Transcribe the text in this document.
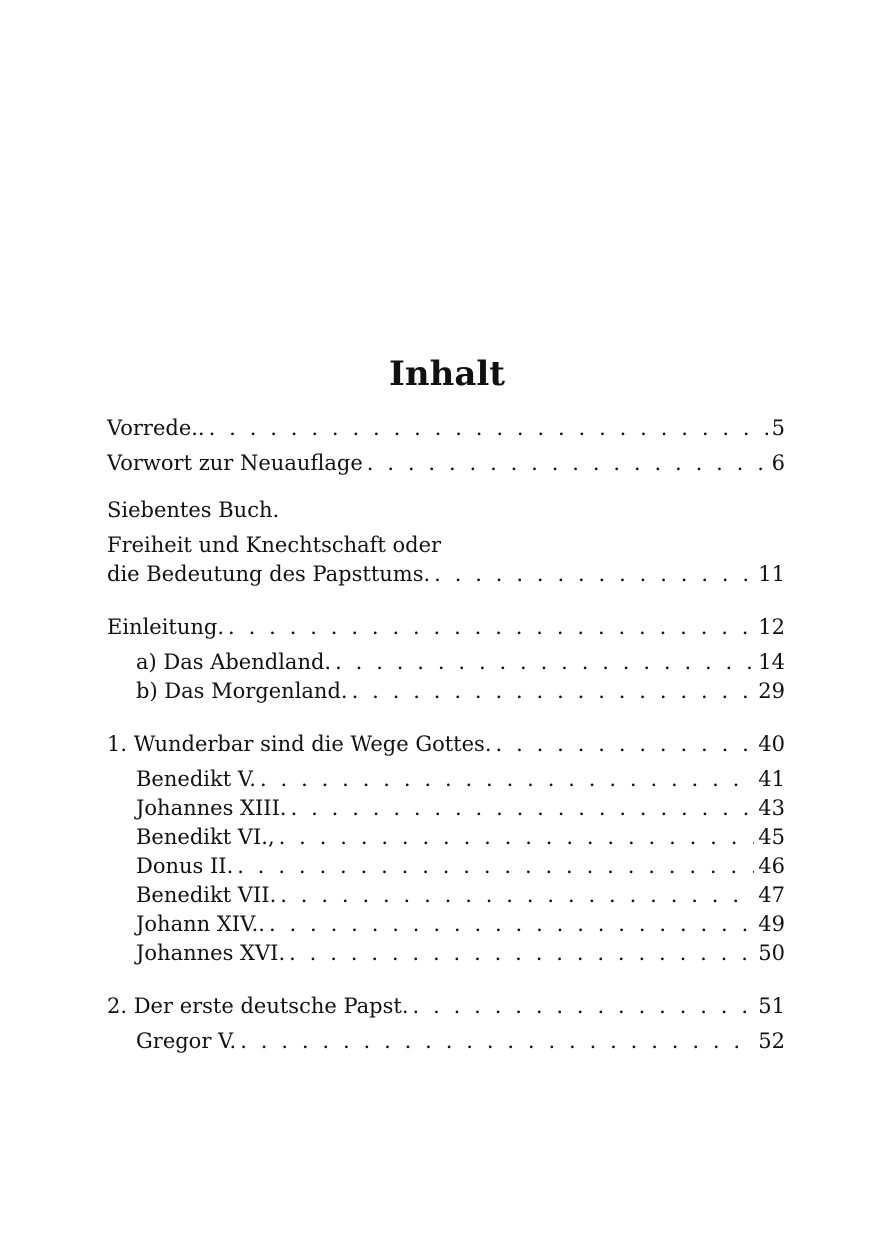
Inhalt
Vorrede.. . . .	5
Vorwort zur Neuauflage . . .	6
Siebentes Buch.
Freiheit und Knechtschaft oder
die Bedeutung des Papsttums. . . .	11
Einleitung. . . .	12
a) Das Abendland. . . .	14
b) Das Morgenland. . . .	29
1. Wunderbar sind die Wege Gottes. . . .	40
Benedikt V. . . .	41
Johannes XIII. . . .	43
Benedikt VI., . . .	45
Donus II. . . .	46
Benedikt VII. . . .	47
Johann XIV.. . . .	49
Johannes XVI. . . .	50
2. Der erste deutsche Papst. . . .	51
Gregor V. . . .	52
